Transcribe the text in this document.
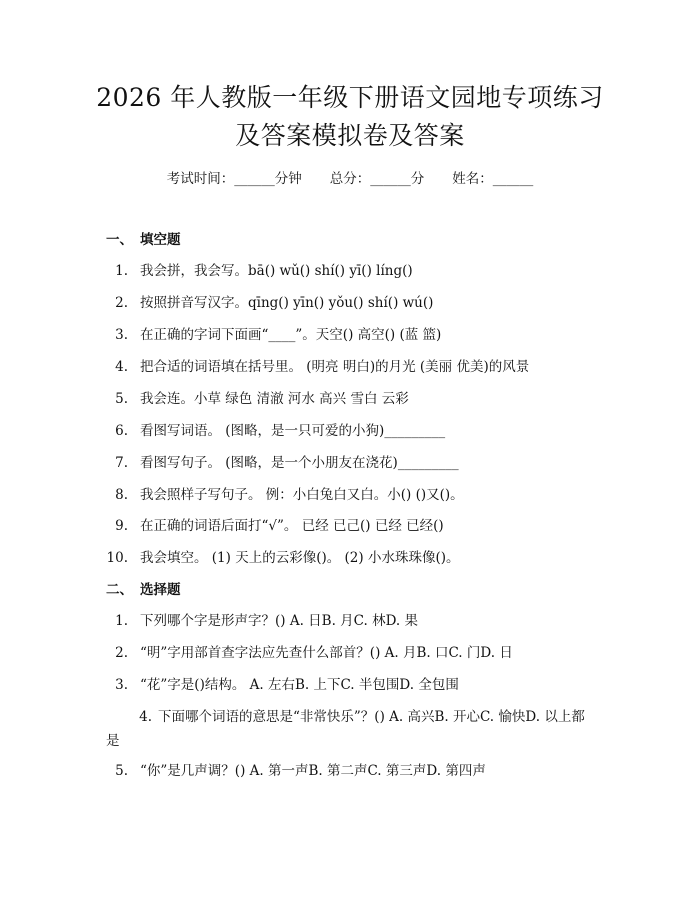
2026 年人教版一年级下册语文园地专项练习
及答案模拟卷及答案
考试时间：______分钟 总分：______分 姓名：______
一、 填空题
1. 我会拼，我会写。bā() wǔ() shí() yī() líng()
2. 按照拼音写汉字。qīng() yīn() yǒu() shí() wú()
3. 在正确的字词下面画“____”。天空() 高空() (蓝 篮)
4. 把合适的词语填在括号里。 (明亮 明白)的月光 (美丽 优美)的风景
5. 我会连。小草 绿色 清澈 河水 高兴 雪白 云彩
6. 看图写词语。 (图略，是一只可爱的小狗)_________
7. 看图写句子。 (图略，是一个小朋友在浇花)_________
8. 我会照样子写句子。 例：小白兔白又白。小() ()又()。
9. 在正确的词语后面打“√”。 已经 已己() 已经 已经()
10. 我会填空。 (1) 天上的云彩像()。 (2) 小水珠珠像()。
二、 选择题
1. 下列哪个字是形声字？() A. 日B. 月C. 林D. 果
2. “明”字用部首查字法应先查什么部首？() A. 月B. 口C. 门D. 日
3. “花”字是()结构。 A. 左右B. 上下C. 半包围D. 全包围
4. 下面哪个词语的意思是“非常快乐”？() A. 高兴B. 开心C. 愉快D. 以上都是
5. “你”是几声调？() A. 第一声B. 第二声C. 第三声D. 第四声
